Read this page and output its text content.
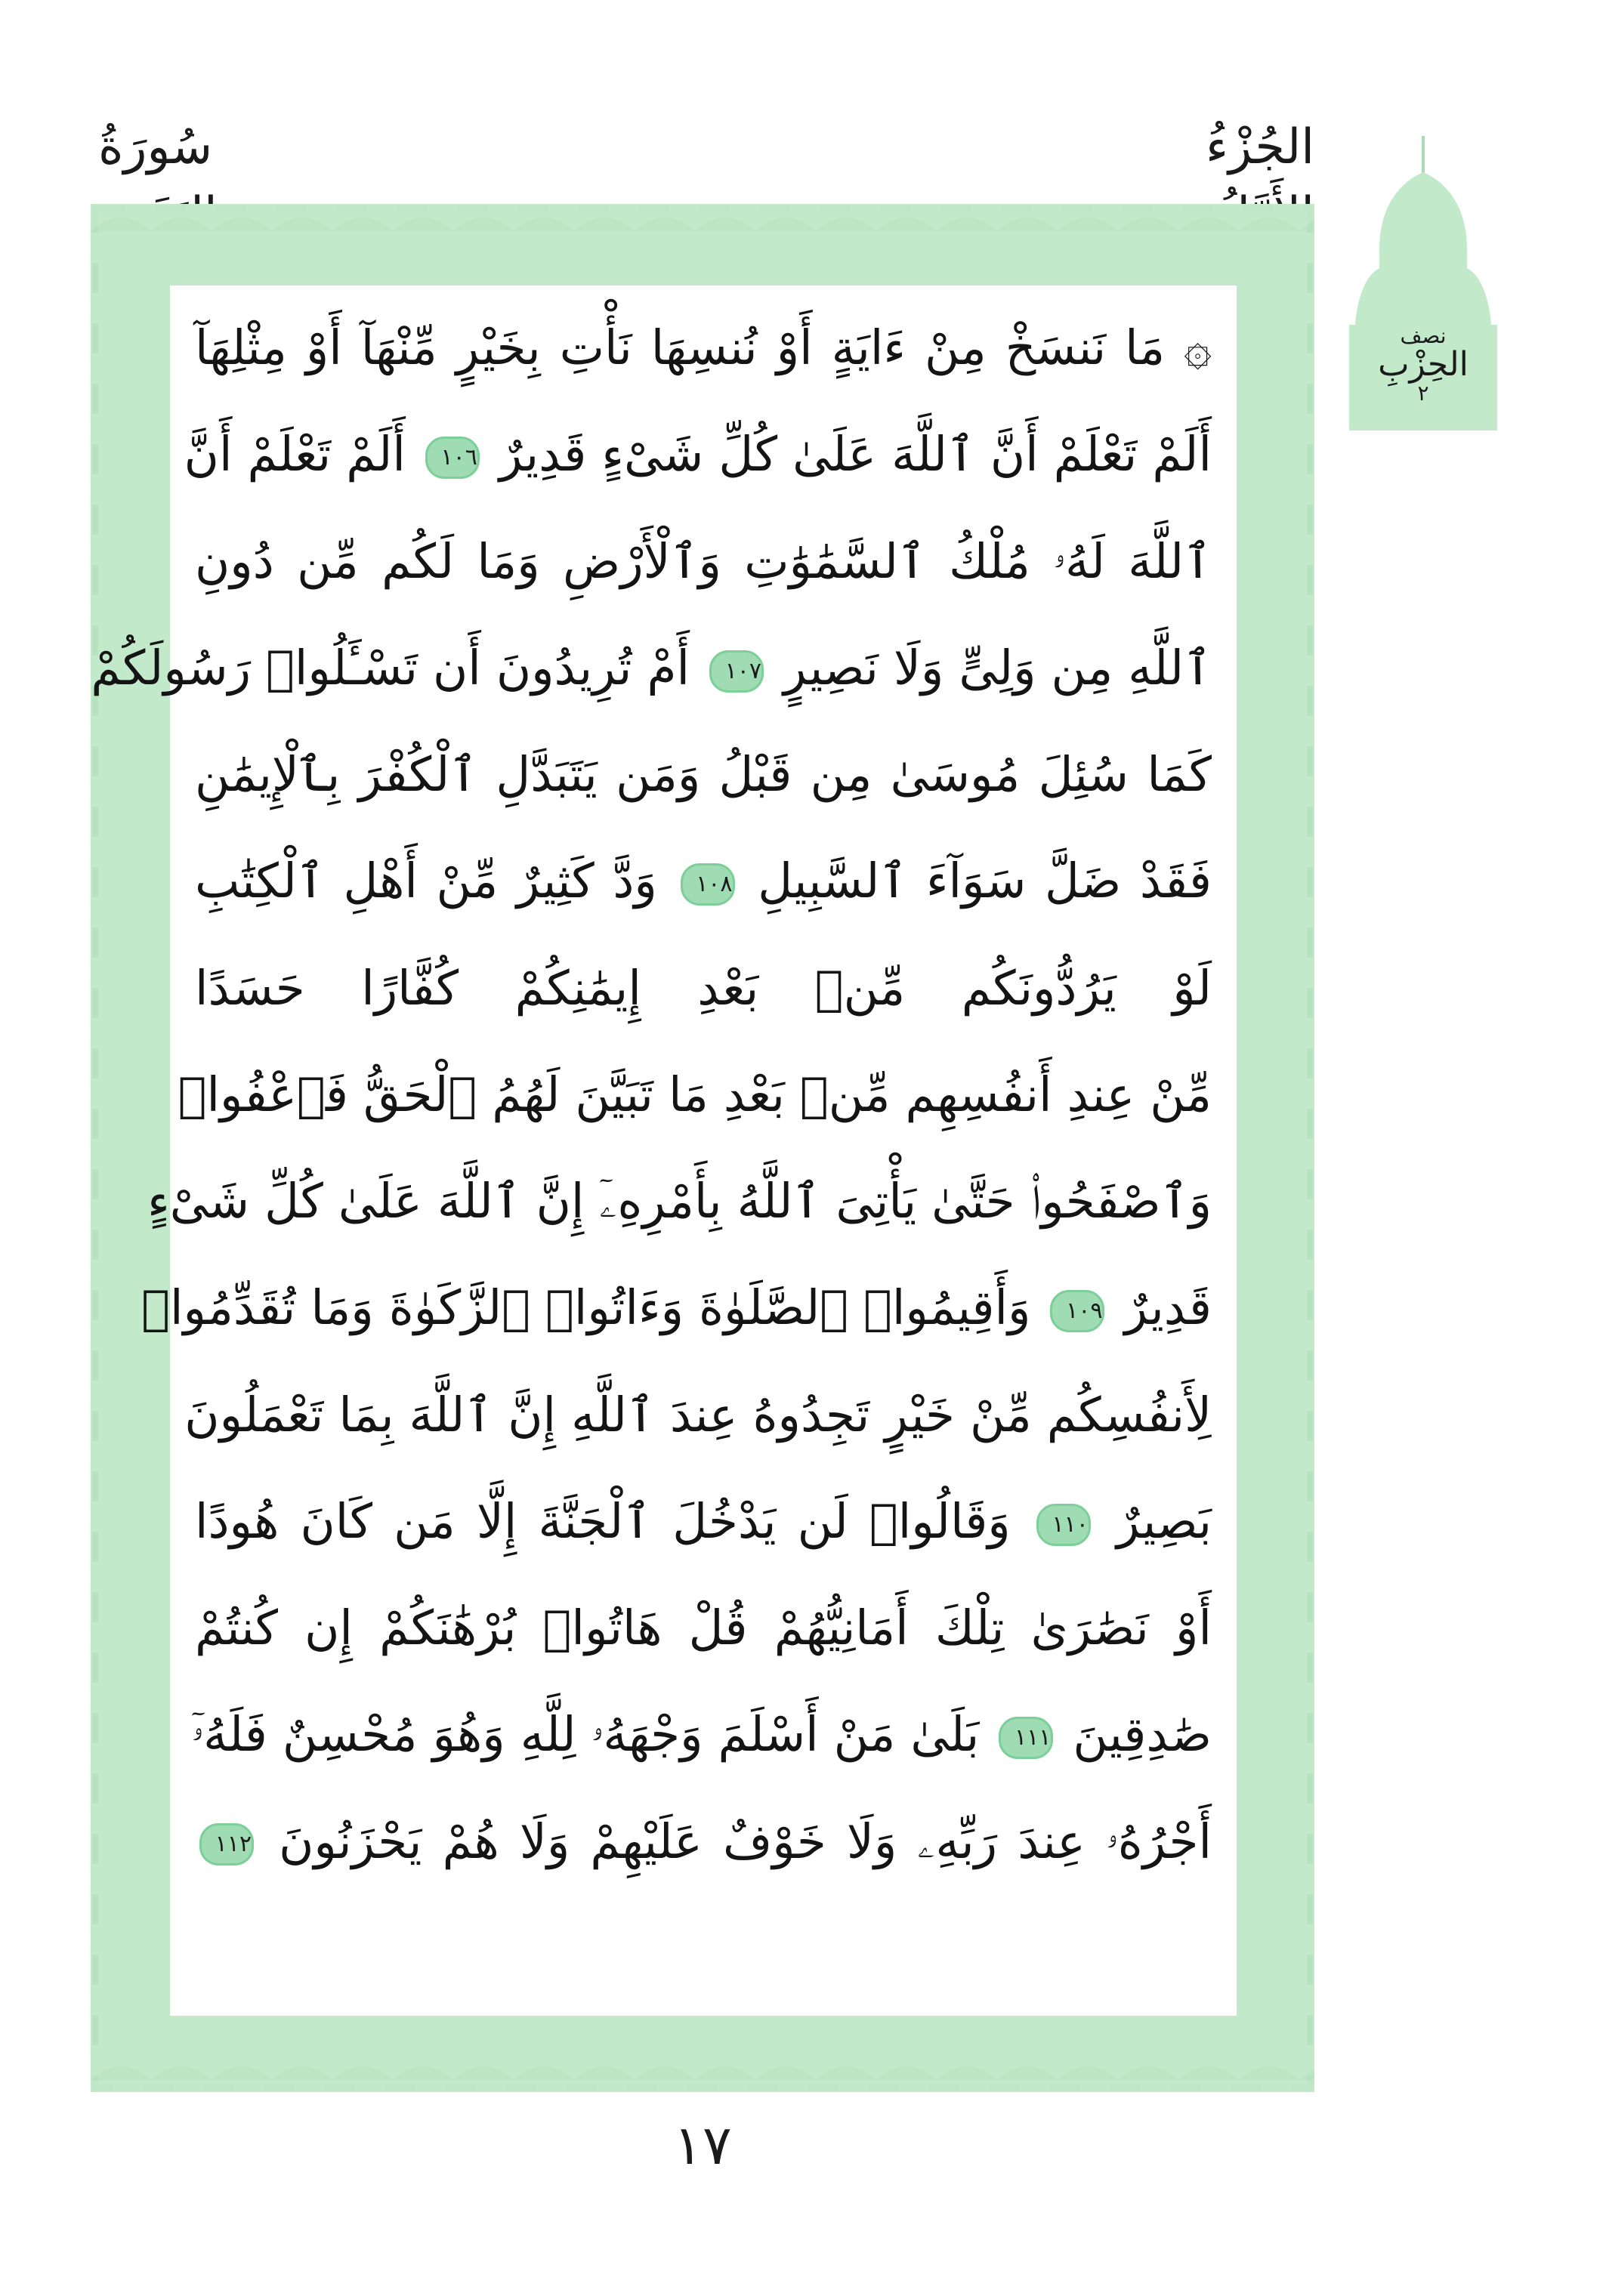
الجُزْءُ
سُورَةُ
نصف
الحِزْبِ
٢
۞ مَا نَنسَخْ مِنْ ءَايَةٍ أَوْ نُنسِهَا نَأْتِ بِخَيْرٍ مِّنْهَآ أَوْ مِثْلِهَآ
أَلَمْ تَعْلَمْ أَنَّ ٱللَّهَ عَلَىٰ كُلِّ شَىْءٍ قَدِيرٌ ١٠٦ أَلَمْ تَعْلَمْ أَنَّ
ٱللَّهَ لَهُۥ مُلْكُ ٱلسَّمَٰوَٰتِ وَٱلْأَرْضِ وَمَا لَكُم مِّن دُونِ
ٱللَّهِ مِن وَلِىٍّ وَلَا نَصِيرٍ ١٠٧ أَمْ تُرِيدُونَ أَن تَسْـَٔلُوا۟ رَسُولَكُمْ
كَمَا سُئِلَ مُوسَىٰ مِن قَبْلُ وَمَن يَتَبَدَّلِ ٱلْكُفْرَ بِٱلْإِيمَٰنِ
فَقَدْ ضَلَّ سَوَآءَ ٱلسَّبِيلِ ١٠٨ وَدَّ كَثِيرٌ مِّنْ أَهْلِ ٱلْكِتَٰبِ
لَوْ يَرُدُّونَكُم مِّنۢ بَعْدِ إِيمَٰنِكُمْ كُفَّارًا حَسَدًا
مِّنْ عِندِ أَنفُسِهِم مِّنۢ بَعْدِ مَا تَبَيَّنَ لَهُمُ ٱلْحَقُّ فَٱعْفُوا۟
وَٱصْفَحُوا۟ حَتَّىٰ يَأْتِىَ ٱللَّهُ بِأَمْرِهِۦٓ إِنَّ ٱللَّهَ عَلَىٰ كُلِّ شَىْءٍ
قَدِيرٌ ١٠٩ وَأَقِيمُوا۟ ٱلصَّلَوٰةَ وَءَاتُوا۟ ٱلزَّكَوٰةَ وَمَا تُقَدِّمُوا۟
لِأَنفُسِكُم مِّنْ خَيْرٍ تَجِدُوهُ عِندَ ٱللَّهِ إِنَّ ٱللَّهَ بِمَا تَعْمَلُونَ
بَصِيرٌ ١١٠ وَقَالُوا۟ لَن يَدْخُلَ ٱلْجَنَّةَ إِلَّا مَن كَانَ هُودًا
أَوْ نَصَٰرَىٰ تِلْكَ أَمَانِيُّهُمْ قُلْ هَاتُوا۟ بُرْهَٰنَكُمْ إِن كُنتُمْ
صَٰدِقِينَ ١١١ بَلَىٰ مَنْ أَسْلَمَ وَجْهَهُۥ لِلَّهِ وَهُوَ مُحْسِنٌ فَلَهُۥٓ
أَجْرُهُۥ عِندَ رَبِّهِۦ وَلَا خَوْفٌ عَلَيْهِمْ وَلَا هُمْ يَحْزَنُونَ ١١٢
١٧
